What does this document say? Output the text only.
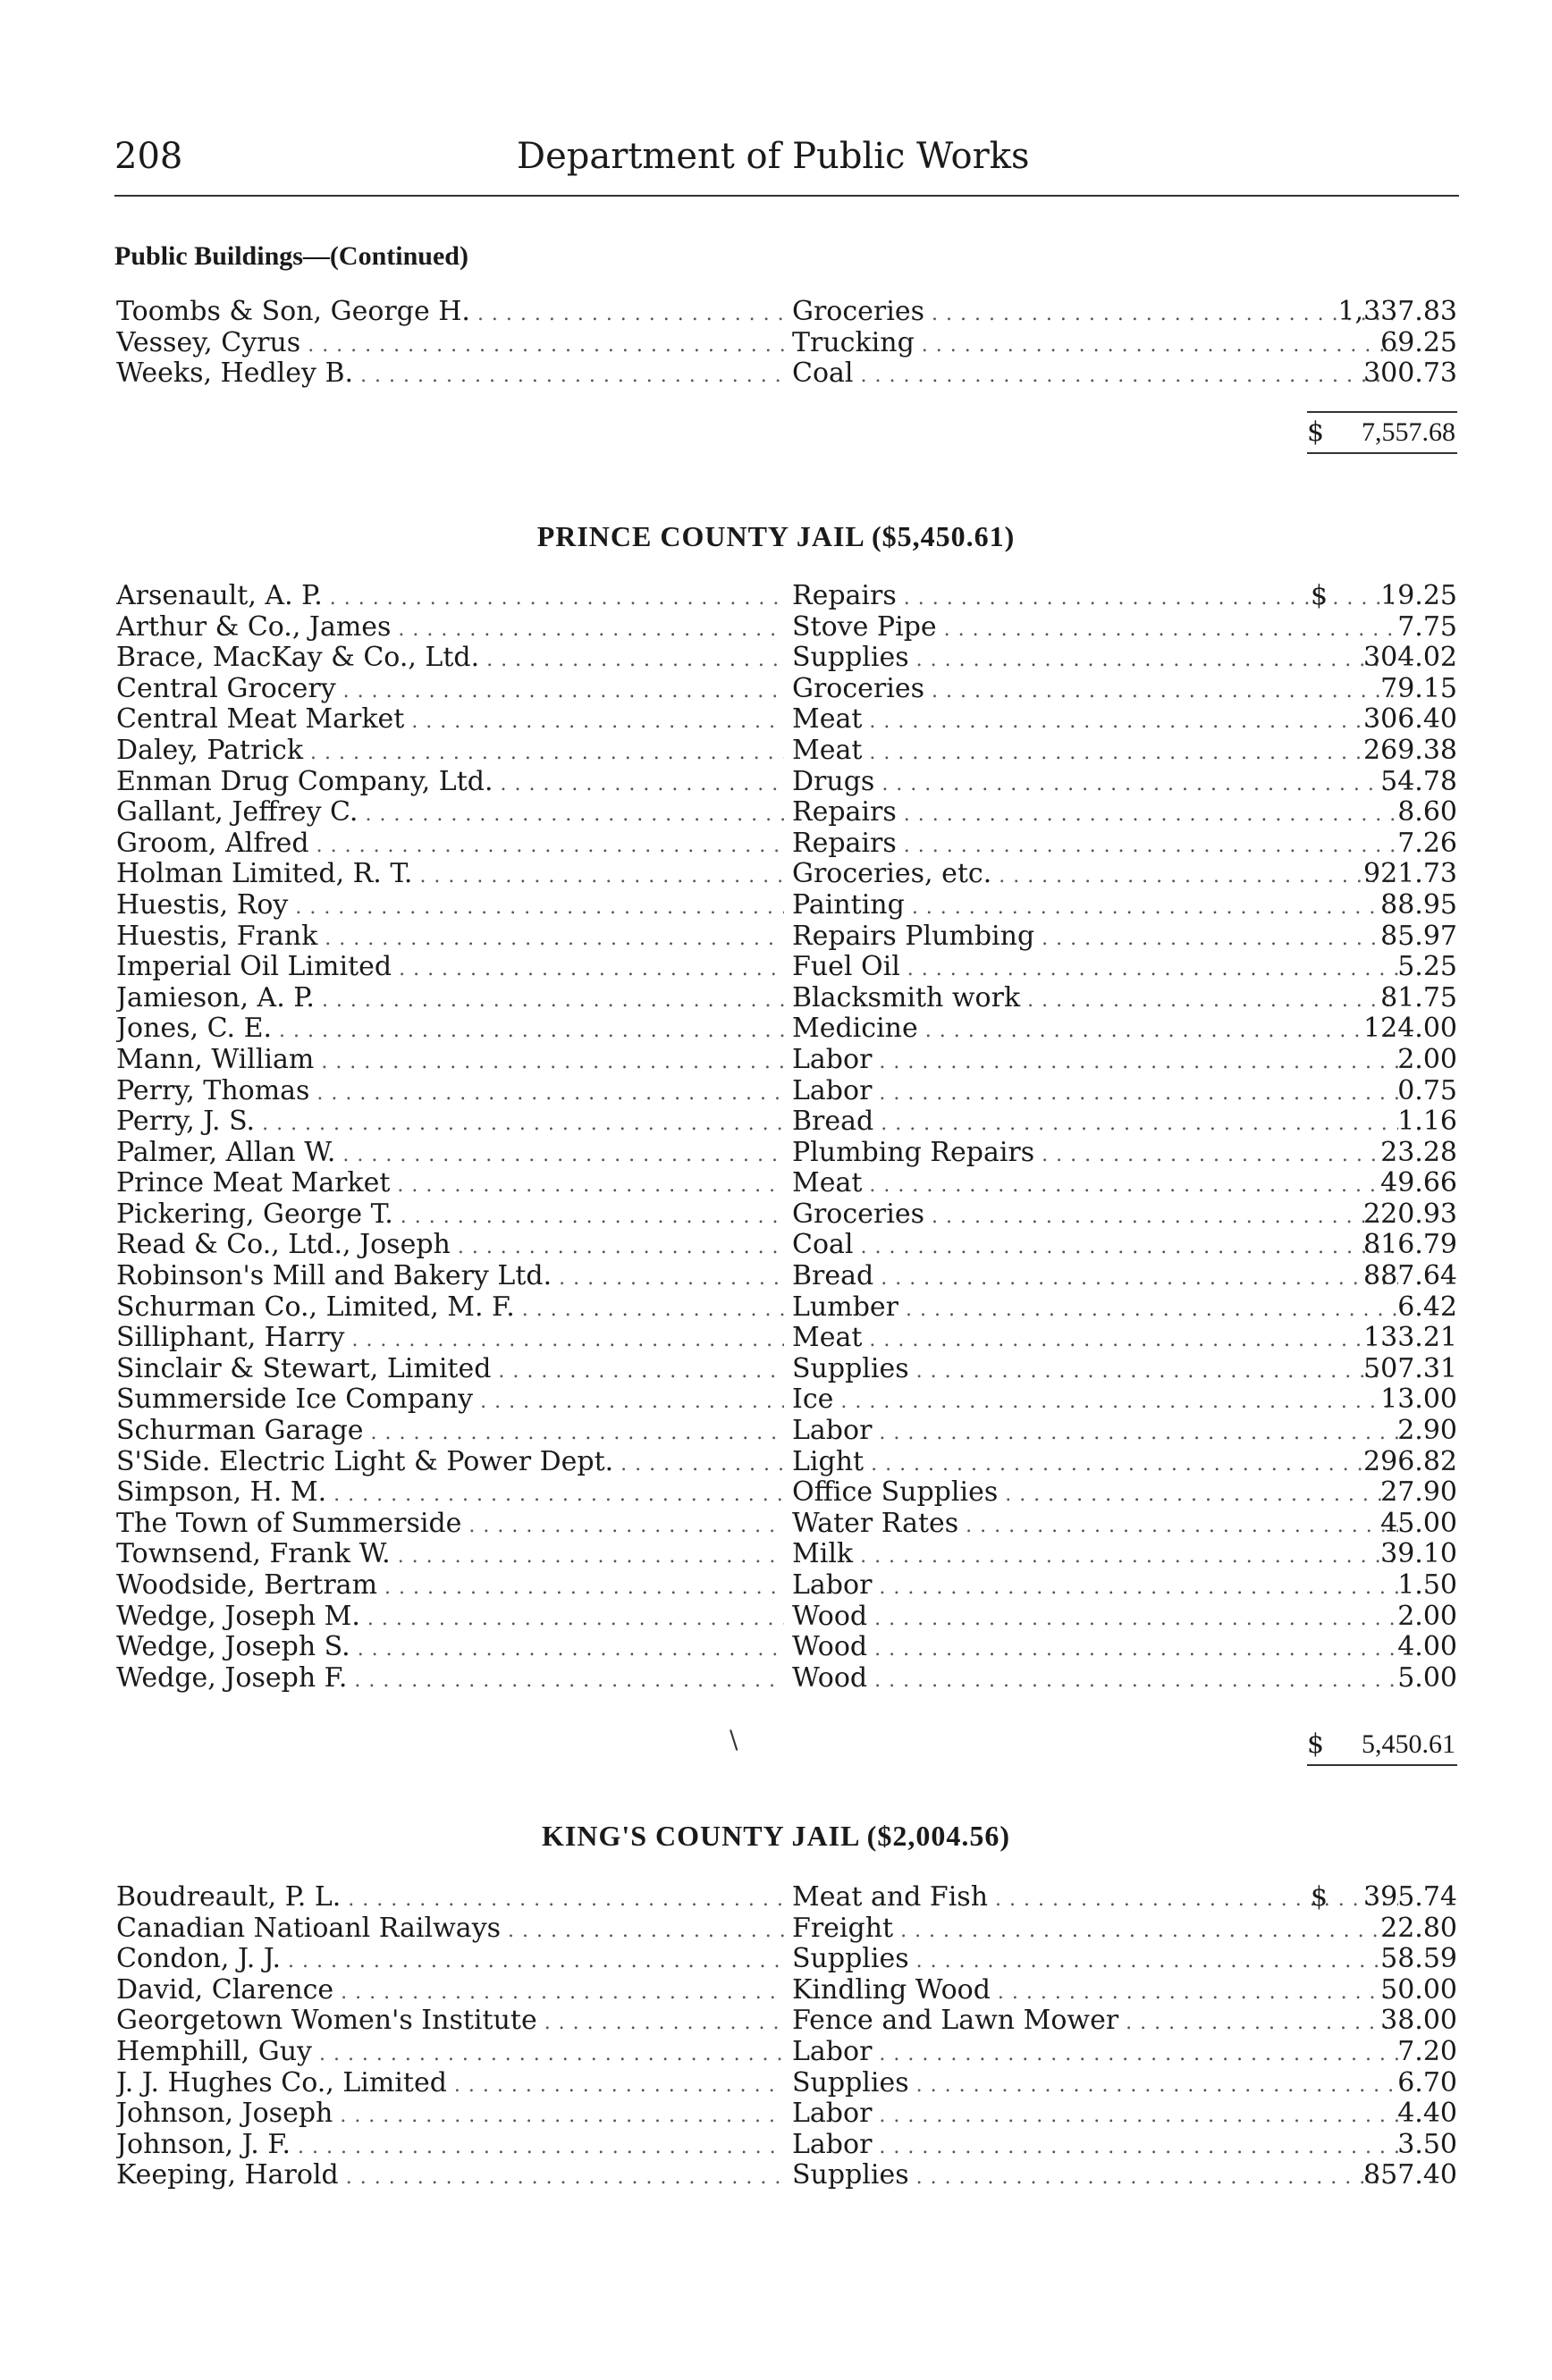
208	Department of Public Works
Public Buildings—(Continued)
Toombs & Son, George H. . . .	Groceries . . .	1,337.83
Vessey, Cyrus . . .	Trucking . . .	69.25
Weeks, Hedley B. . . .	Coal . . .	300.73
$ 7,557.68
PRINCE COUNTY JAIL ($5,450.61)
Arsenault, A. P. . . .	Repairs . . .	$	19.25
Arthur & Co., James . . .	Stove Pipe . . .	7.75
Brace, MacKay & Co., Ltd. . . .	Supplies . . .	304.02
Central Grocery . . .	Groceries . . .	79.15
Central Meat Market . . .	Meat . . .	306.40
Daley, Patrick . . .	Meat . . .	269.38
Enman Drug Company, Ltd. . . .	Drugs . . .	54.78
Gallant, Jeffrey C. . . .	Repairs . . .	8.60
Groom, Alfred . . .	Repairs . . .	7.26
Holman Limited, R. T. . . .	Groceries, etc. . . .	921.73
Huestis, Roy . . .	Painting . . .	88.95
Huestis, Frank . . .	Repairs Plumbing . . .	85.97
Imperial Oil Limited . . .	Fuel Oil . . .	5.25
Jamieson, A. P. . . .	Blacksmith work . . .	81.75
Jones, C. E. . . .	Medicine . . .	124.00
Mann, William . . .	Labor . . .	2.00
Perry, Thomas . . .	Labor . . .	0.75
Perry, J. S. . . .	Bread . . .	1.16
Palmer, Allan W. . . .	Plumbing Repairs . . .	23.28
Prince Meat Market . . .	Meat . . .	49.66
Pickering, George T. . . .	Groceries . . .	220.93
Read & Co., Ltd., Joseph . . .	Coal . . .	816.79
Robinson's Mill and Bakery Ltd. . . .	Bread . . .	887.64
Schurman Co., Limited, M. F. . . .	Lumber . . .	6.42
Silliphant, Harry . . .	Meat . . .	133.21
Sinclair & Stewart, Limited . . .	Supplies . . .	507.31
Summerside Ice Company . . .	Ice . . .	13.00
Schurman Garage . . .	Labor . . .	2.90
S'Side. Electric Light & Power Dept. . . .	Light . . .	296.82
Simpson, H. M. . . .	Office Supplies . . .	27.90
The Town of Summerside . . .	Water Rates . . .	45.00
Townsend, Frank W. . . .	Milk . . .	39.10
Woodside, Bertram . . .	Labor . . .	1.50
Wedge, Joseph M. . . .	Wood . . .	2.00
Wedge, Joseph S. . . .	Wood . . .	4.00
Wedge, Joseph F. . . .	Wood . . .	5.00
\	$ 5,450.61
KING'S COUNTY JAIL ($2,004.56)
Boudreault, P. L. . . .	Meat and Fish . . .	$	395.74
Canadian Natioanl Railways . . .	Freight . . .	22.80
Condon, J. J. . . .	Supplies . . .	58.59
David, Clarence . . .	Kindling Wood . . .	50.00
Georgetown Women's Institute . . .	Fence and Lawn Mower . . .	38.00
Hemphill, Guy . . .	Labor . . .	7.20
J. J. Hughes Co., Limited . . .	Supplies . . .	6.70
Johnson, Joseph . . .	Labor . . .	4.40
Johnson, J. F. . . .	Labor . . .	3.50
Keeping, Harold . . .	Supplies . . .	857.40
